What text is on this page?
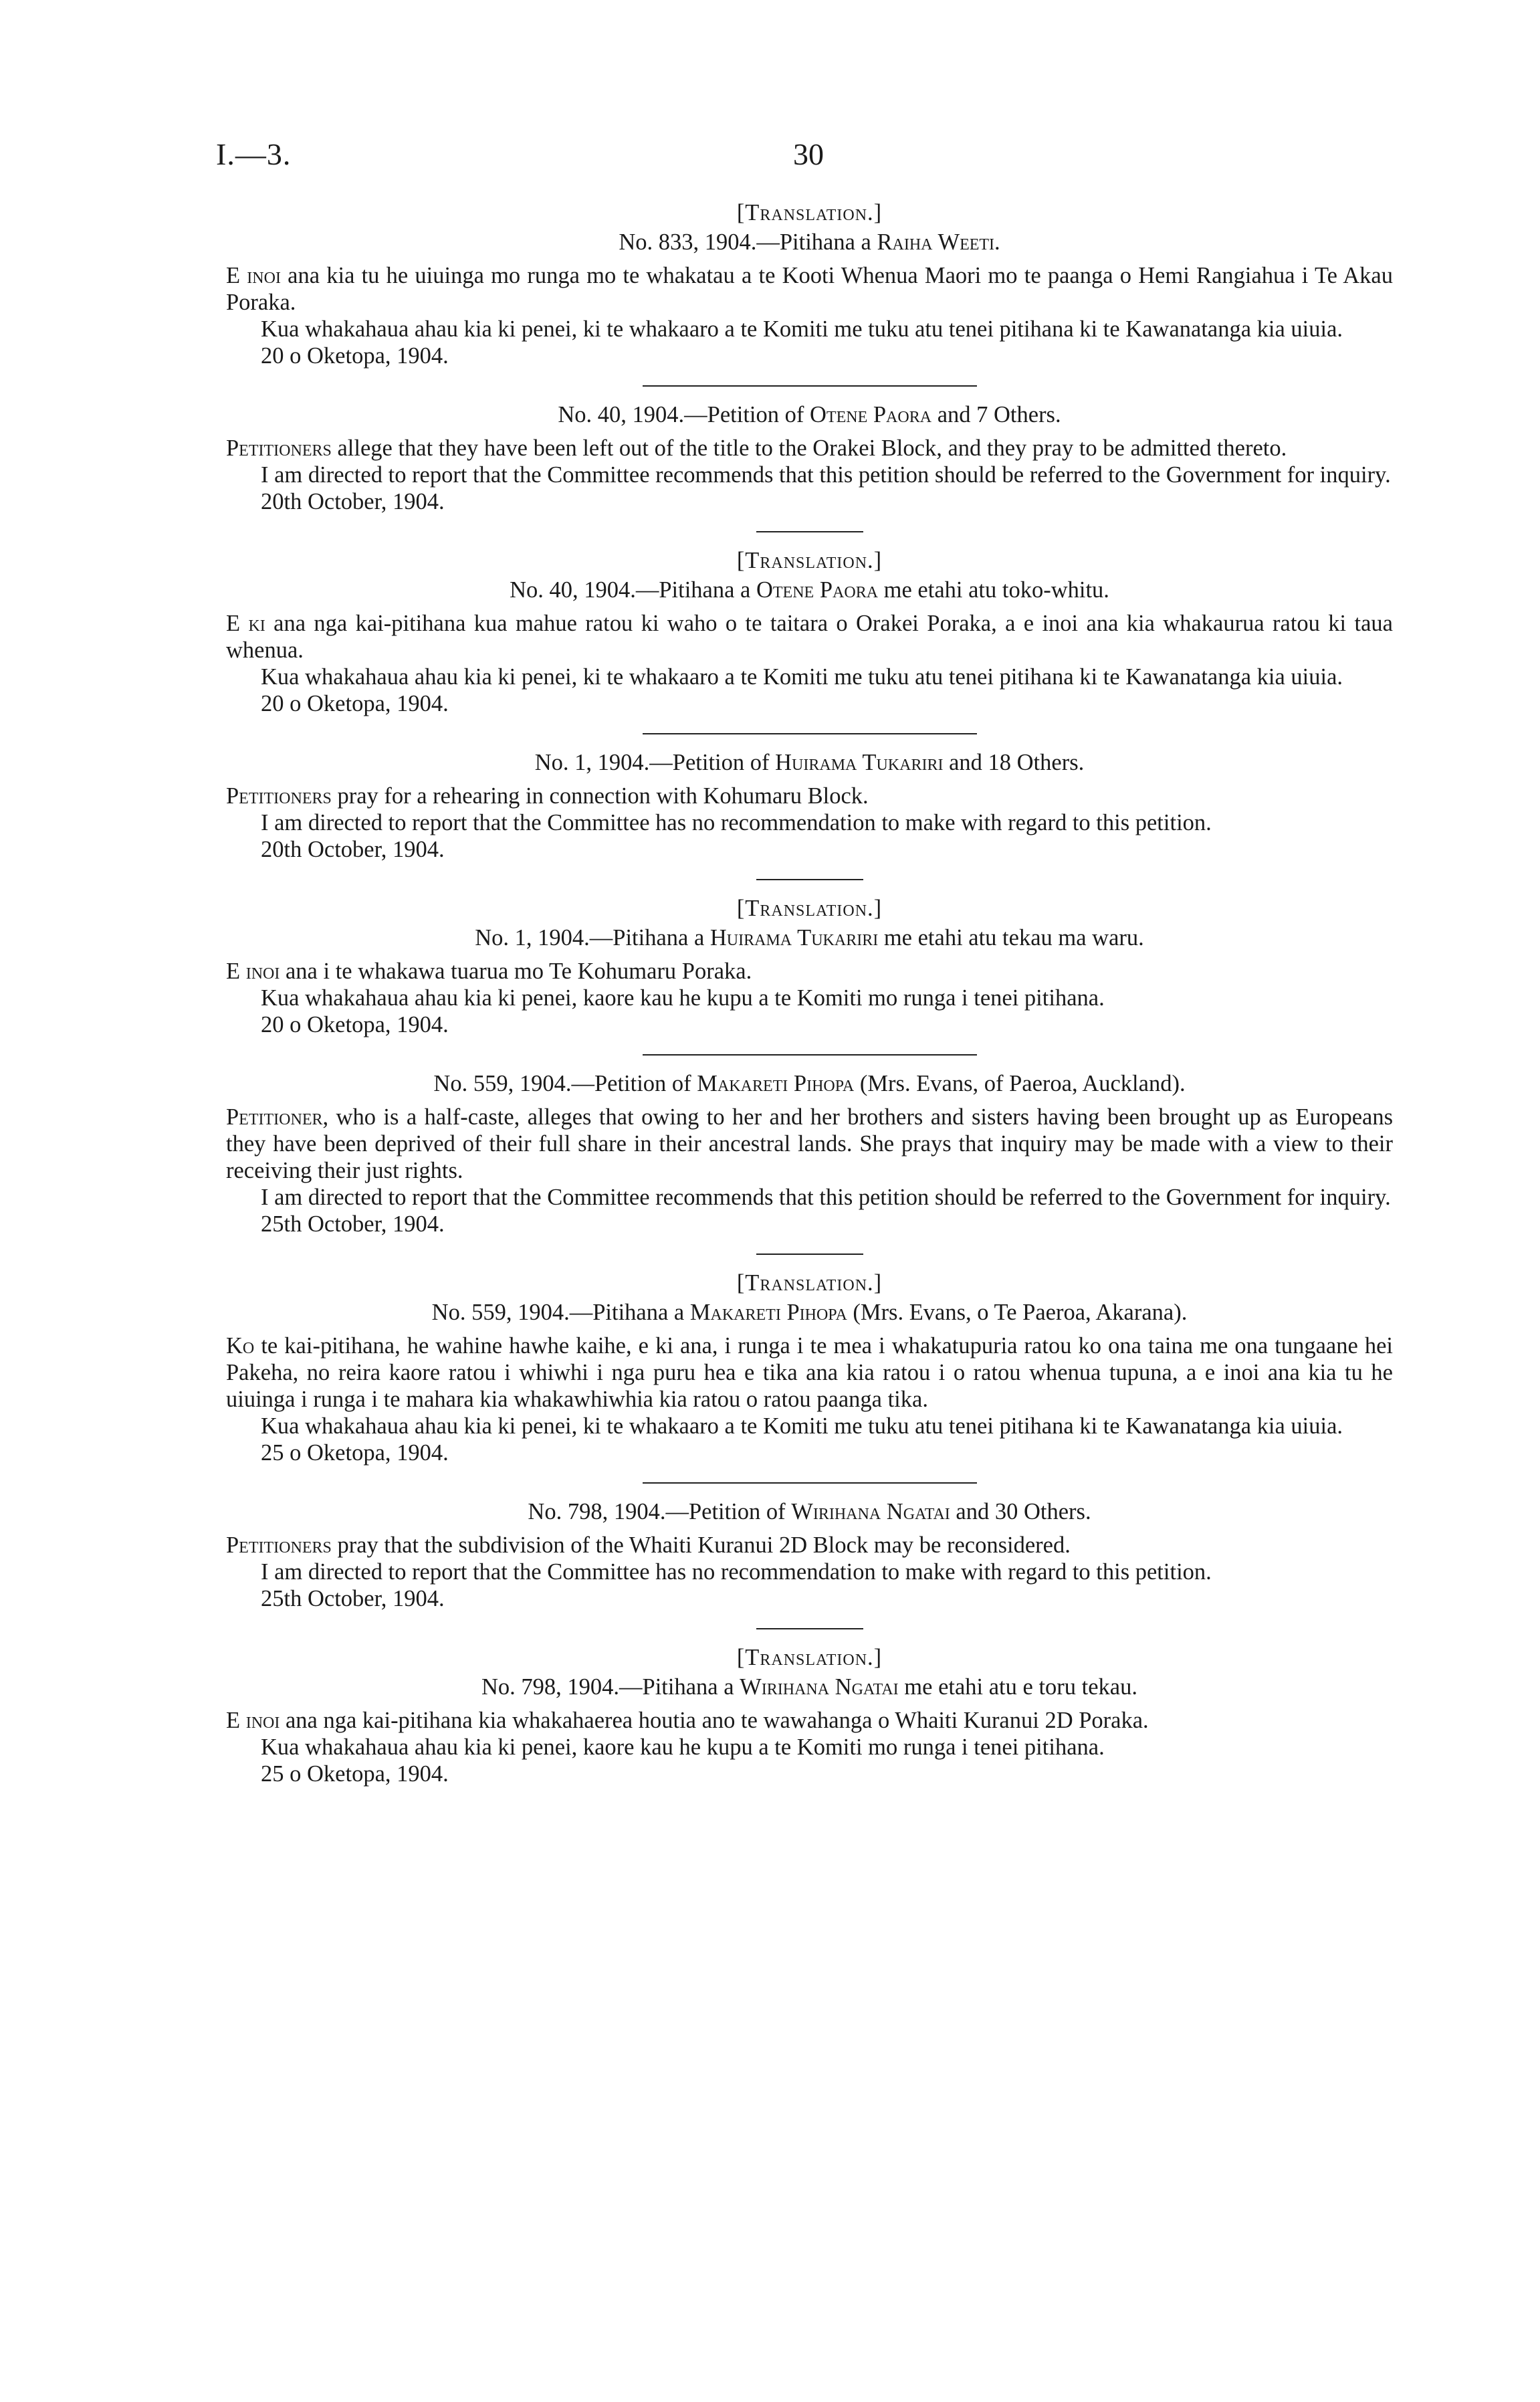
I.—3.	30
[Translation.]
No. 833, 1904.—Pitihana a Raiha Weeti.

E inoi ana kia tu he uiuinga mo runga mo te whakatau a te Kooti Whenua Maori mo te paanga o Hemi Rangiahua i Te Akau Poraka.

Kua whakahaua ahau kia ki penei, ki te whakaaro a te Komiti me tuku atu tenei pitihana ki te Kawanatanga kia uiuia.

20 o Oketopa, 1904.

No. 40, 1904.—Petition of Otene Paora and 7 Others.

Petitioners allege that they have been left out of the title to the Orakei Block, and they pray to be admitted thereto.

I am directed to report that the Committee recommends that this petition should be referred to the Government for inquiry.

20th October, 1904.

[Translation.]
No. 40, 1904.—Pitihana a Otene Paora me etahi atu toko-whitu.

E ki ana nga kai-pitihana kua mahue ratou ki waho o te taitara o Orakei Poraka, a e inoi ana kia whakaurua ratou ki taua whenua.

Kua whakahaua ahau kia ki penei, ki te whakaaro a te Komiti me tuku atu tenei pitihana ki te Kawanatanga kia uiuia.

20 o Oketopa, 1904.

No. 1, 1904.—Petition of Huirama Tukariri and 18 Others.

Petitioners pray for a rehearing in connection with Kohumaru Block.

I am directed to report that the Committee has no recommendation to make with regard to this petition.

20th October, 1904.

[Translation.]
No. 1, 1904.—Pitihana a Huirama Tukariri me etahi atu tekau ma waru.

E inoi ana i te whakawa tuarua mo Te Kohumaru Poraka.

Kua whakahaua ahau kia ki penei, kaore kau he kupu a te Komiti mo runga i tenei pitihana.

20 o Oketopa, 1904.

No. 559, 1904.—Petition of Makareti Pihopa (Mrs. Evans, of Paeroa, Auckland).

Petitioner, who is a half-caste, alleges that owing to her and her brothers and sisters having been brought up as Europeans they have been deprived of their full share in their ancestral lands. She prays that inquiry may be made with a view to their receiving their just rights.

I am directed to report that the Committee recommends that this petition should be referred to the Government for inquiry.

25th October, 1904.

[Translation.]
No. 559, 1904.—Pitihana a Makareti Pihopa (Mrs. Evans, o Te Paeroa, Akarana).

Ko te kai-pitihana, he wahine hawhe kaihe, e ki ana, i runga i te mea i whakatupuria ratou ko ona taina me ona tungaane hei Pakeha, no reira kaore ratou i whiwhi i nga puru hea e tika ana kia ratou i o ratou whenua tupuna, a e inoi ana kia tu he uiuinga i runga i te mahara kia whakawhiwhia kia ratou o ratou paanga tika.

Kua whakahaua ahau kia ki penei, ki te whakaaro a te Komiti me tuku atu tenei pitihana ki te Kawanatanga kia uiuia.

25 o Oketopa, 1904.

No. 798, 1904.—Petition of Wirihana Ngatai and 30 Others.

Petitioners pray that the subdivision of the Whaiti Kuranui 2D Block may be reconsidered.

I am directed to report that the Committee has no recommendation to make with regard to this petition.

25th October, 1904.

[Translation.]
No. 798, 1904.—Pitihana a Wirihana Ngatai me etahi atu e toru tekau.

E inoi ana nga kai-pitihana kia whakahaerea houtia ano te wawahanga o Whaiti Kuranui 2D Poraka.

Kua whakahaua ahau kia ki penei, kaore kau he kupu a te Komiti mo runga i tenei pitihana.

25 o Oketopa, 1904.
